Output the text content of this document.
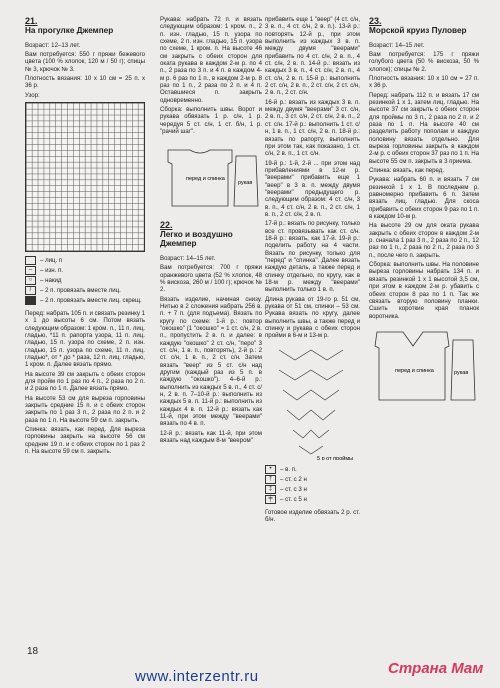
21.
На прогулке Джемпер

Возраст: 12–13 лет.

Вам потребуется: 550 г пряжи бежевого цвета (100 % хлопок, 120 м / 50 г); спицы № 3, крючок № 3.

Плотность вязания: 10 х 10 см = 25 п. х 36 р.

Узор:

– лиц. п
–	– изн. п.
○	– накид
/	– 2 п. провязать вместе лиц.
– 2 п. провязать вместе лиц. скрещ.

Перед: набрать 105 п. и связать резинку 1 х 1 до высоты 6 см. Потом вязать следующим образом: 1 кром. п., 11 п. лиц. гладью, *11 п. рапорта узора, 11 п. лиц. гладью, 15 п. узора по схеме, 2 п. изн. гладью, 15 п. узора по схеме, 11 п. лиц. гладью*, от * до * раза, 12 п. лиц. гладью, 1 кром. п. Далее вязать прямо.

На высоте 39 см закрыть с обеих сторон для пройм по 1 раз по 4 п., 2 раза по 2 п. и 2 раза по 1 п. Далее вязать прямо.

На высоте 53 см для выреза горловины закрыть средние 15 п. и с обеих сторон закрыть по 1 раз 3 п., 2 раза по 2 п. и 2 раза по 1 п. На высоте 59 см п. закрыть.

Спинка: вязать, как перед. Для выреза горловины закрыть на высоте 56 см средние 19 п. и с обеих сторон по 1 раз 2 п. На высоте 59 см п. закрыть.

Рукава: набрать 72 п. и вязать следующим образом: 1 кром. п., 2 п. изн. гладью, 15 п. узора по схеме, 2 п. изн. гладью, 15 п. узора по схеме, 1 кром. п. На высоте 46 см закрыть с обеих сторон для оката рукава в каждом 2-м р. по 4 п., 2 раза по 3 п. и 4 п. в каждом 4-м р. 6 раз по 1 п., в каждом 2-м р. 8 раз по 1 п., 2 раза по 2 п. и 4 п. Оставшиеся п. закрыть одновременно.

Сборка: выполнить швы. Ворот и рукава обвязать 1 р. с/н, 1 р. чередуя 5 ст. с/н, 1 ст. б/н, 1 р. "рачий шаг".

перед и спинка
рукав
22.
Легко и воздушно Джемпер

Возраст: 14–15 лет.

Вам потребуется: 700 г пряжи оранжевого цвета (52 % хлопок, 48 % вискоза, 260 м / 100 г); крючок № 2.

Вязать изделие, начиная снизу. Нитью в 2 сложения набрать 256 в. п. + 7 п. (для подъема). Вязать по кругу по схеме: 1-й р.: повтор "окошко" (1 "окошко" = 1 ст. с/н, 2 в. п., пропустить 2 в. п. и далее: в каждую "окошко" 2 ст. с/н, "перо" 3 ст. с/н, 1 в. п., повторять), 2-й р.: 2 ст. с/н, 1 в. п., 2 ст. с/н. Затем вязать "веер" из 5 ст. с/н над другим (каждый раз из 5 п. в каждую "окошко"). 4–6-й р.: выполнить из каждых 5 в. п., 4 ст. с/н, 2 в. п. 7–10-й р.: выполнить из каждых 5 в. п. 11-й р.: выполнить из каждых 4 в. п. 12-й р.: вязать как 11-й, при этом между "веерами" вязать по 4 в. п.

12-й р.: вязать как 11-й, при этом вязать над каждым 8-м "веером"

прибавить еще 1 "веер" (4 ст. с/н, 3 в. п., 4 ст. с/н, 2 в. п.). 13-й р.: повторять 12-й р., при этом выполнить из каждых 3 в. п. между двумя "веерами" прибавить по 4 ст. с/н, 2 в. п., 4 ст. с/н, 2 в. п. 14-й р.: вязать из каждых 3 в. п., 4 ст. с/н, 2 в. п., 4 ст. с/н, 2 в. п. 15-й р.: выполнить 2 ст. с/н, 2 в. п., 2 ст. с/н, 2 ст. с/н, 2 в. п., 2 ст. с/н.

16-й р.: вязать из каждых 3 в. п. между двумя "веерами" 3 ст. с/н, 2 в. п., 3 ст. с/н, 2 ст. с/н, 2 в. п., 2 ст. с/н. 17-й р.: выполнить 1 ст. с/н, 1 в. п., 1 ст. с/н, 2 в. п. 18-й р.: вязать по рапорту, выполнить при этом так, как показано, 1 ст. с/н, 2 в. п., 1 ст. с/н.

19-й р.: 1-й, 2-й ... при этом над прибавлениями в 12-м р. "веерами" прибавить еще 1 "веер" в 3 в. п. между двумя "веерами" предыдущего р. следующим образом: 4 ст. с/н, 3 в. п., 4 ст. с/н, 2 в. п., 2 ст. с/н, 1 в. п., 2 ст. с/н, 2 в. п.

17-й р.: вязать по рисунку, только все ст. провязывать как ст. с/н. 18-й р.: вязать, как 17-й. 19-й р.: поделить работу на 4 части. Вязать по рисунку, только для "перед" и "спинка". Далее вязать каждую деталь, а также перед и спинку отдельно, по кругу, как в 18-м р. между "веерами" выполнить только 1 в. п.

Длина рукава от 19-го р. 51 см, рукава от 51 см, спинки – 53 см. Рукава вязать по кругу, далее выполнить швы, а также перед и спинку и рукава с обеих сторон пройми в 6-м и 13-м р.

5 р от проймы
•	– в. п.
†	– ст. с 2 н
‡	– ст. с 3 н
╪	– ст. с 5 н

Готовое изделие обвязать 2 р. ст. б/н.

23.
Морской круиз Пуловер

Возраст: 14–15 лет.

Вам потребуется: 175 г пряжи голубого цвета (50 % вискоза, 50 % хлопок); спицы № 2.

Плотность вязания: 10 х 10 см = 27 п. х 36 р.

Перед: набрать 112 п. и вязать 17 см резинкой 1 х 1, затем лиц. гладью. На высоте 37 см закрыть с обеих сторон для проймы по 3 п., 2 раза по 2 п. и 2 раза по 1 п. На высоте 40 см разделить работу пополам и каждую половину вязать отдельно. Для выреза горловины закрыть в каждом 2-м р. с обеих сторон 37 раз по 1 п. На высоте 55 см п. закрыть в 3 приема.

Спинка: вязать, как перед.

Рукава: набрать 60 п. и вязать 7 см резинкой 1 х 1. В последнем р. равномерно прибавить 6 п. Затем вязать лиц. гладью. Для скоса прибавить с обеих сторон 9 раз по 1 п. в каждом 10-м р.

На высоте 29 см для оката рукава закрыть с обеих сторон в каждом 2-м р. сначала 1 раз 3 п., 2 раза по 2 п., 12 раз по 1 п., 2 раза по 2 п., 2 раза по 3 п., после чего п. закрыть.

Сборка: выполнить швы. На половине выреза горловины набрать 134 п. и вязать резинкой 1 х 1 высотой 3,5 см, при этом в каждом 2-м р. убавить с обеих сторон 8 раз по 1 п. Так же связать вторую половину планки. Сшить короткие края планок воротника.

перед и спинка	рукав
18
www.interzentr.ru	Страна Мам
